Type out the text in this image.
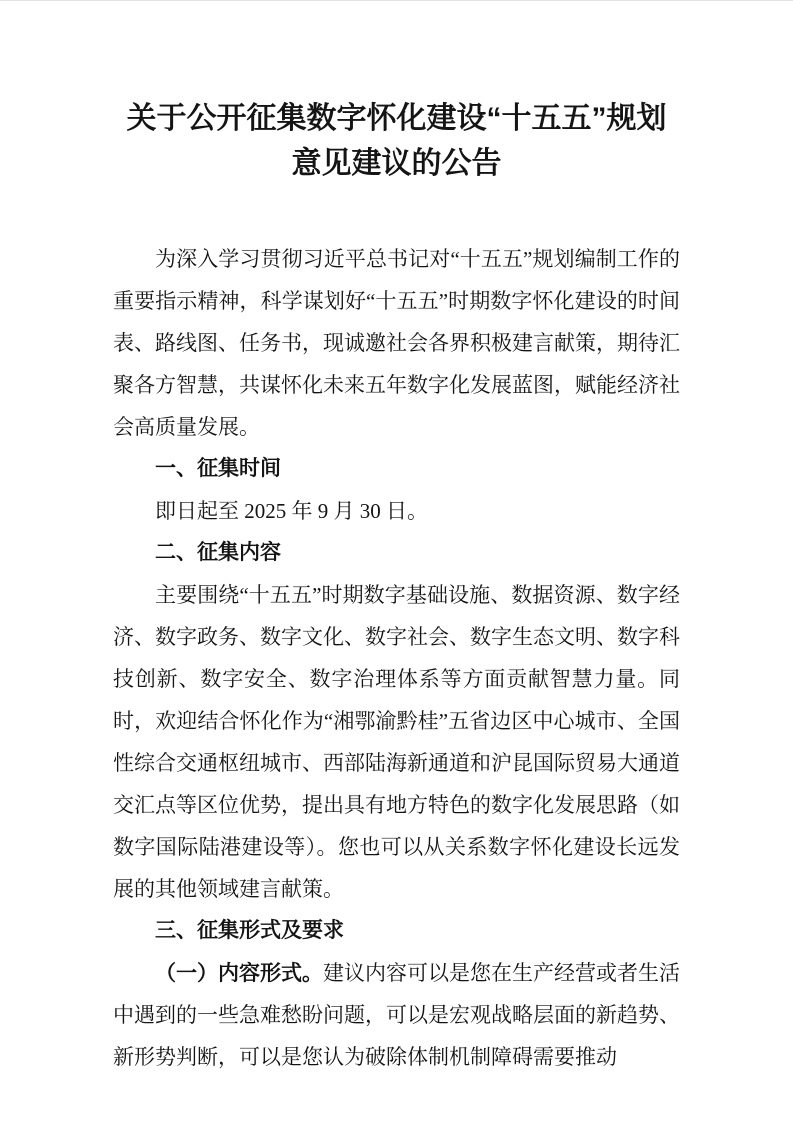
关于公开征集数字怀化建设“十五五”规划
意见建议的公告

为深入学习贯彻习近平总书记对“十五五”规划编制工作的重要指示精神，科学谋划好“十五五”时期数字怀化建设的时间表、路线图、任务书，现诚邀社会各界积极建言献策，期待汇聚各方智慧，共谋怀化未来五年数字化发展蓝图，赋能经济社会高质量发展。

一、征集时间

即日起至 2025 年 9 月 30 日。

二、征集内容

主要围绕“十五五”时期数字基础设施、数据资源、数字经济、数字政务、数字文化、数字社会、数字生态文明、数字科技创新、数字安全、数字治理体系等方面贡献智慧力量。同时，欢迎结合怀化作为“湘鄂渝黔桂”五省边区中心城市、全国性综合交通枢纽城市、西部陆海新通道和沪昆国际贸易大通道交汇点等区位优势，提出具有地方特色的数字化发展思路（如数字国际陆港建设等）。您也可以从关系数字怀化建设长远发展的其他领域建言献策。

三、征集形式及要求

（一）内容形式。建议内容可以是您在生产经营或者生活中遇到的一些急难愁盼问题，可以是宏观战略层面的新趋势、新形势判断，可以是您认为破除体制机制障碍需要推动
